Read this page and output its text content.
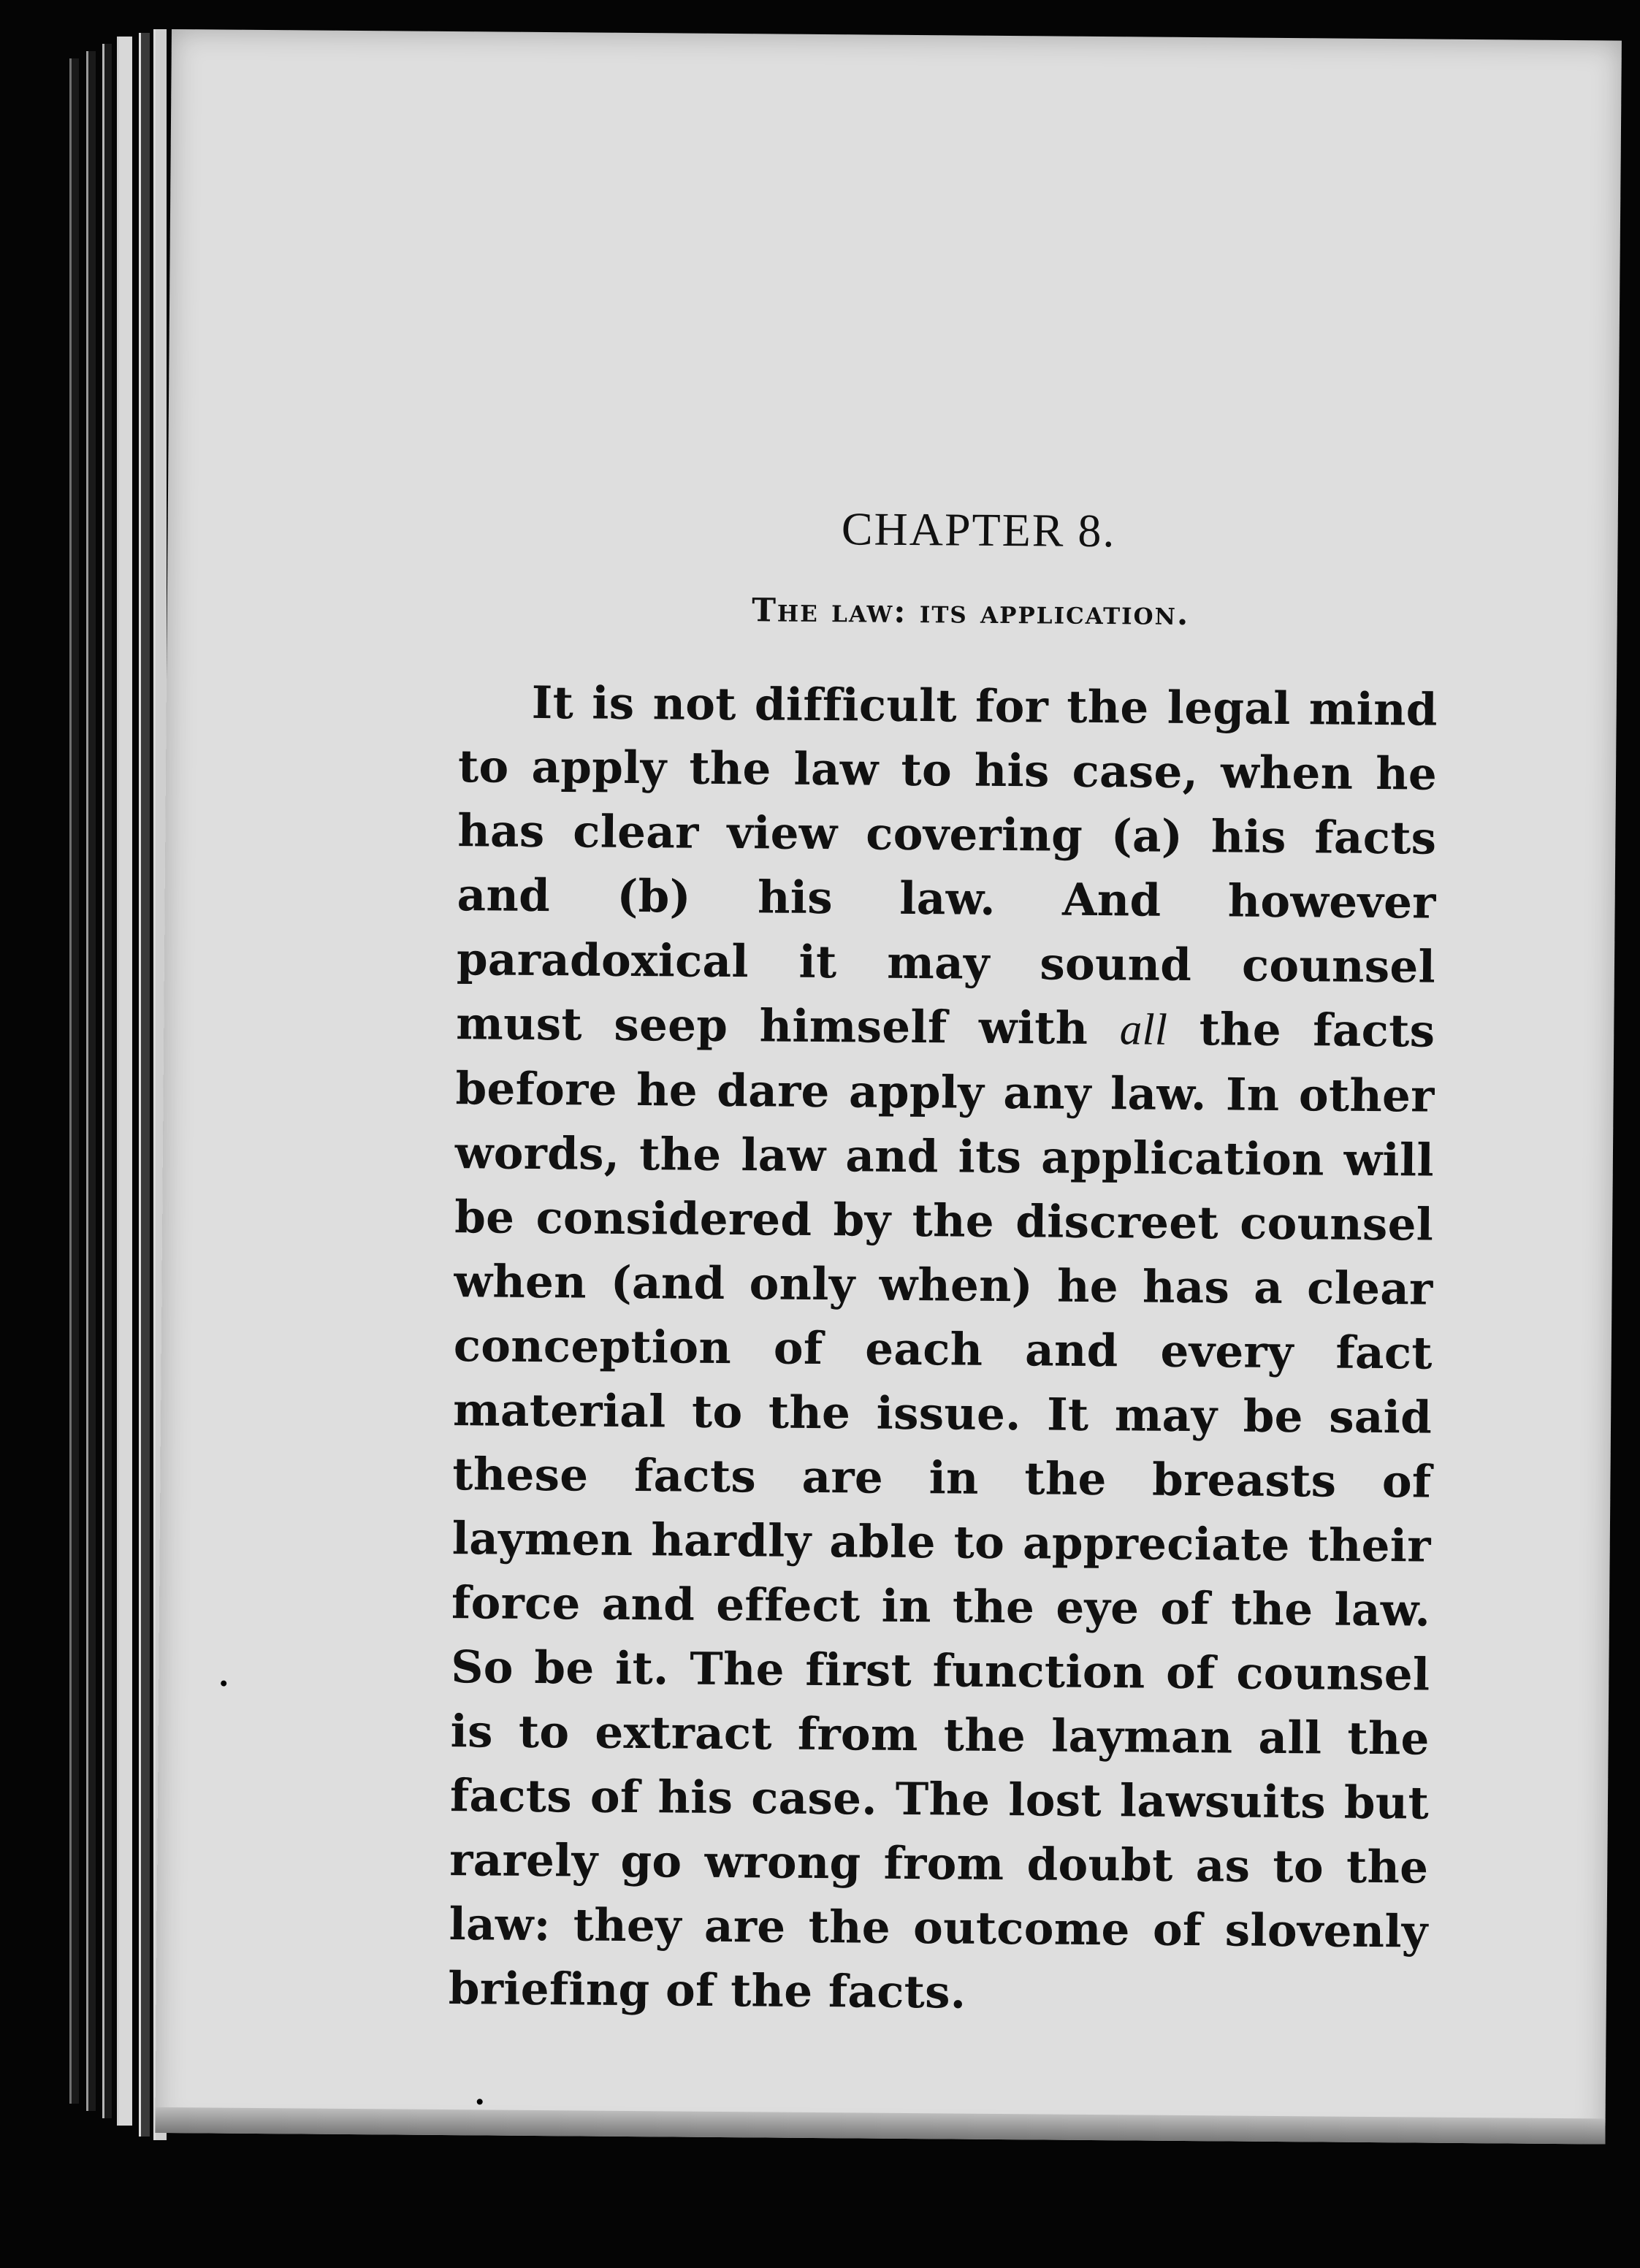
CHAPTER 8.
The law: its application.

It is not difficult for the legal mind to apply the law to his case, when he has clear view covering (a) his facts and (b) his law. And however paradoxical it may sound counsel must seep himself with all the facts before he dare apply any law. In other words, the law and its application will be considered by the discreet counsel when (and only when) he has a clear conception of each and every fact material to the issue. It may be said these facts are in the breasts of laymen hardly able to appreciate their force and effect in the eye of the law. So be it. The first function of counsel is to extract from the layman all the facts of his case. The lost lawsuits but rarely go wrong from doubt as to the law: they are the outcome of slovenly briefing of the facts.
